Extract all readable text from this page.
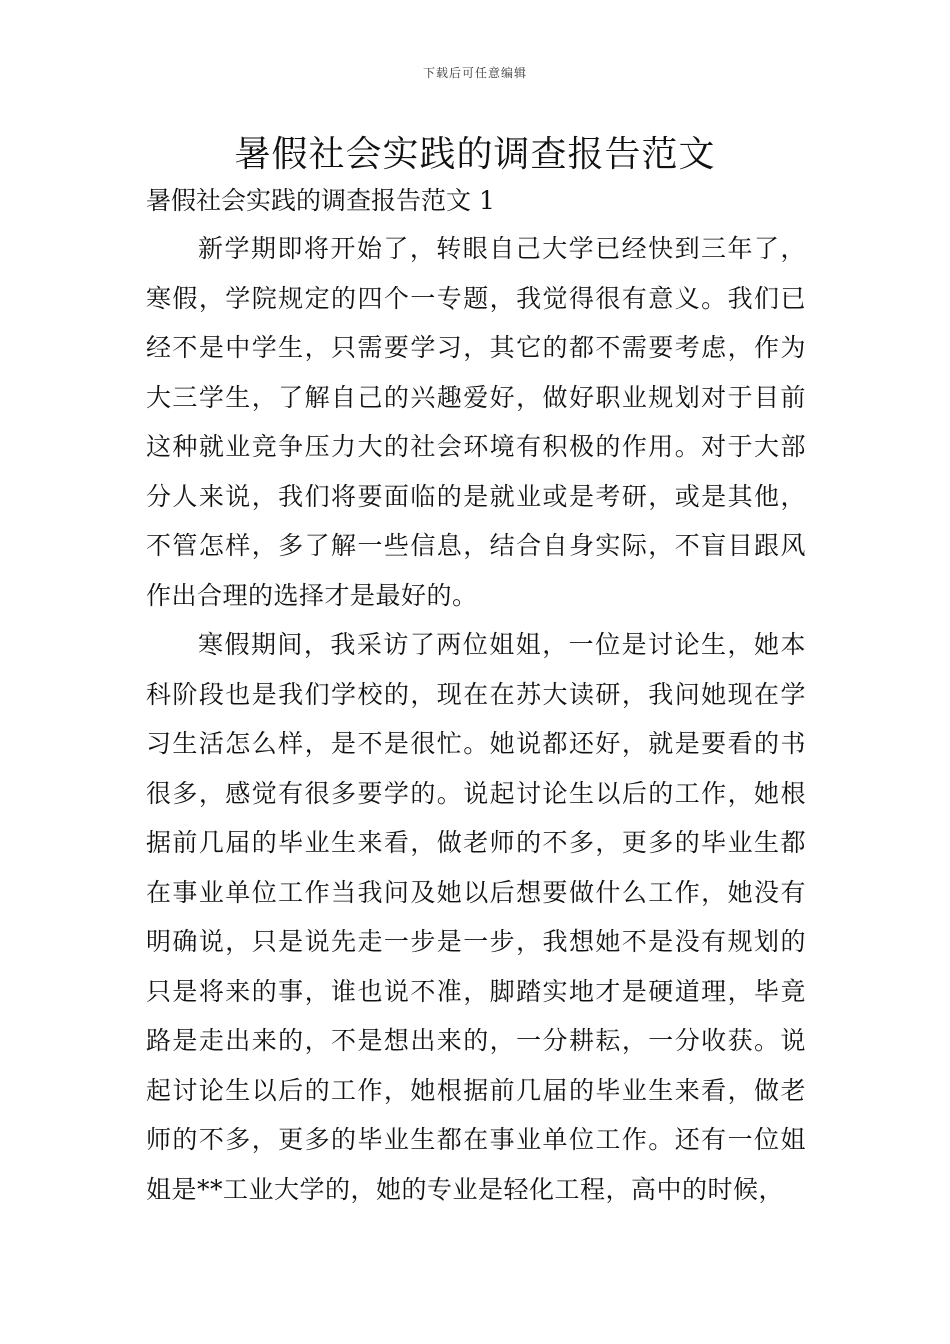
下载后可任意编辑
暑假社会实践的调查报告范文

暑假社会实践的调查报告范文 1

新学期即将开始了，转眼自己大学已经快到三年了，寒假，学院规定的四个一专题，我觉得很有意义。我们已经不是中学生，只需要学习，其它的都不需要考虑，作为大三学生，了解自己的兴趣爱好，做好职业规划对于目前这种就业竞争压力大的社会环境有积极的作用。对于大部分人来说，我们将要面临的是就业或是考研，或是其他，不管怎样，多了解一些信息，结合自身实际，不盲目跟风作出合理的选择才是最好的。

寒假期间，我采访了两位姐姐，一位是讨论生，她本科阶段也是我们学校的，现在在苏大读研，我问她现在学习生活怎么样，是不是很忙。她说都还好，就是要看的书很多，感觉有很多要学的。说起讨论生以后的工作，她根据前几届的毕业生来看，做老师的不多，更多的毕业生都在事业单位工作当我问及她以后想要做什么工作，她没有明确说，只是说先走一步是一步，我想她不是没有规划的只是将来的事，谁也说不准，脚踏实地才是硬道理，毕竟路是走出来的，不是想出来的，一分耕耘，一分收获。说起讨论生以后的工作，她根据前几届的毕业生来看，做老师的不多，更多的毕业生都在事业单位工作。还有一位姐姐是**工业大学的，她的专业是轻化工程，高中的时候，
